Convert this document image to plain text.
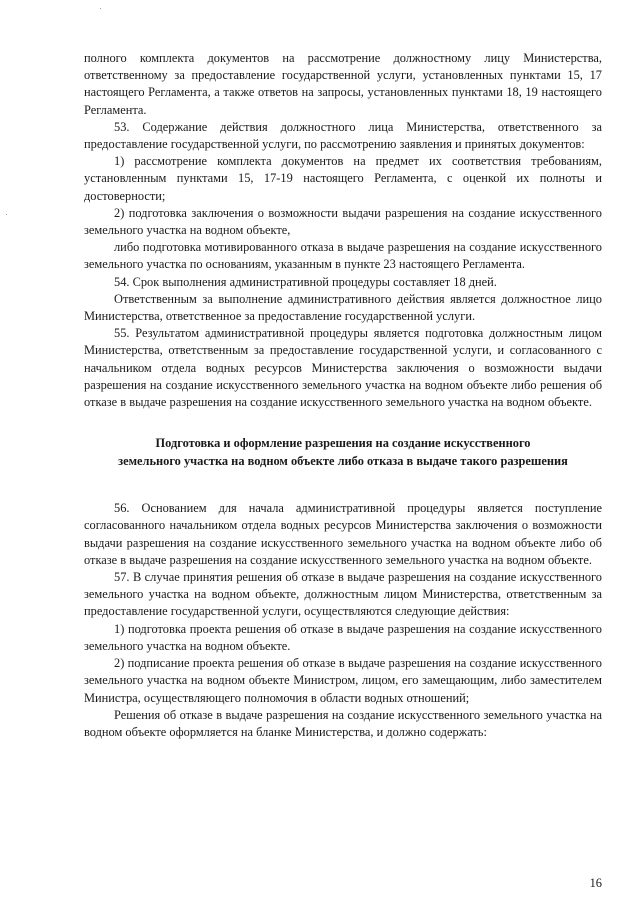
полного комплекта документов на рассмотрение должностному лицу Министерства, ответственному за предоставление государственной услуги, установленных пунктами 15, 17 настоящего Регламента, а также ответов на запросы, установленных пунктами 18, 19 настоящего Регламента.

53. Содержание действия должностного лица Министерства, ответственного за предоставление государственной услуги, по рассмотрению заявления и принятых документов:

1) рассмотрение комплекта документов на предмет их соответствия требованиям, установленным пунктами 15, 17-19 настоящего Регламента, с оценкой их полноты и достоверности;

2) подготовка заключения о возможности выдачи разрешения на создание искусственного земельного участка на водном объекте,

либо подготовка мотивированного отказа в выдаче разрешения на создание искусственного земельного участка по основаниям, указанным в пункте 23 настоящего Регламента.

54. Срок выполнения административной процедуры составляет 18 дней.

Ответственным за выполнение административного действия является должностное лицо Министерства, ответственное за предоставление государственной услуги.

55. Результатом административной процедуры является подготовка должностным лицом Министерства, ответственным за предоставление государственной услуги, и согласованного с начальником отдела водных ресурсов Министерства заключения о возможности выдачи разрешения на создание искусственного земельного участка на водном объекте либо решения об отказе в выдаче разрешения на создание искусственного земельного участка на водном объекте.

Подготовка и оформление разрешения на создание искусственного
земельного участка на водном объекте либо отказа в выдаче такого разрешения

56. Основанием для начала административной процедуры является поступление согласованного начальником отдела водных ресурсов Министерства заключения о возможности выдачи разрешения на создание искусственного земельного участка на водном объекте либо об отказе в выдаче разрешения на создание искусственного земельного участка на водном объекте.

57. В случае принятия решения об отказе в выдаче разрешения на создание искусственного земельного участка на водном объекте, должностным лицом Министерства, ответственным за предоставление государственной услуги, осуществляются следующие действия:

1) подготовка проекта решения об отказе в выдаче разрешения на создание искусственного земельного участка на водном объекте.

2) подписание проекта решения об отказе в выдаче разрешения на создание искусственного земельного участка на водном объекте Министром, лицом, его замещающим, либо заместителем Министра, осуществляющего полномочия в области водных отношений;

Решения об отказе в выдаче разрешения на создание искусственного земельного участка на водном объекте оформляется на бланке Министерства, и должно содержать:

16
